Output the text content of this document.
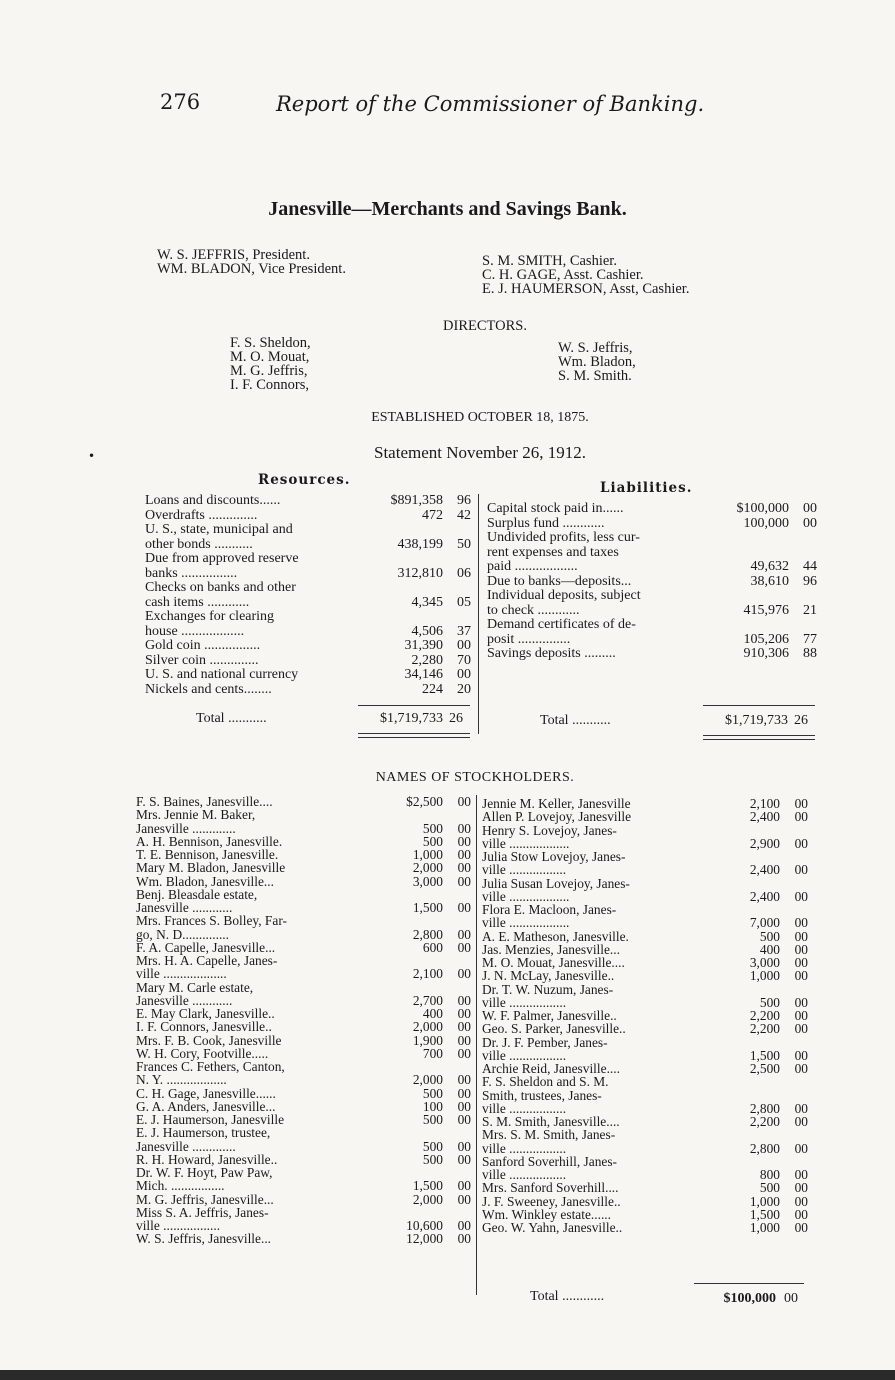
276	Report of the Commissioner of Banking.
Janesville—Merchants and Savings Bank.
W. S. JEFFRIS, President.
WM. BLADON, Vice President.	S. M. SMITH, Cashier.
C. H. GAGE, Asst. Cashier.
E. J. HAUMERSON, Asst, Cashier.
DIRECTORS.
F. S. Sheldon,
M. O. Mouat,
M. G. Jeffris,
I. F. Connors,
W. S. Jeffris,
Wm. Bladon,
S. M. Smith.
ESTABLISHED OCTOBER 18, 1875.
•	Statement November 26, 1912.
Resources.	Liabilities.
Loans and discounts......	$891,358	96
Overdrafts ..............	472	42
U. S., state, municipal and
other bonds ...........	438,199	50
Due from approved reserve
banks ................	312,810	06
Checks on banks and other
cash items ............	4,345	05
Exchanges for clearing
house ..................	4,506	37
Gold coin ................	31,390	00
Silver coin ..............	2,280	70
U. S. and national currency	34,146	00
Nickels and cents........	224	20
Capital stock paid in......	$100,000	00
Surplus fund ............	100,000	00
Undivided profits, less cur-
rent expenses and taxes
paid ..................	49,632	44
Due to banks—deposits...	38,610	96
Individual deposits, subject
to check ............	415,976	21
Demand certificates of de-
posit ...............	105,206	77
Savings deposits .........	910,306	88
Total ...........	$1,719,733 26	Total ...........	$1,719,733 26
NAMES OF STOCKHOLDERS.
F. S. Baines, Janesville....	$2,500	00
Mrs. Jennie M. Baker,
Janesville .............	500	00
A. H. Bennison, Janesville.	500	00
T. E. Bennison, Janesville.	1,000	00
Mary M. Bladon, Janesville	2,000	00
Wm. Bladon, Janesville...	3,000	00
Benj. Bleasdale estate,
Janesville ............	1,500	00
Mrs. Frances S. Bolley, Far-
go, N. D..............	2,800	00
F. A. Capelle, Janesville...	600	00
Mrs. H. A. Capelle, Janes-
ville ...................	2,100	00
Mary M. Carle estate,
Janesville ............	2,700	00
E. May Clark, Janesville..	400	00
I. F. Connors, Janesville..	2,000	00
Mrs. F. B. Cook, Janesville	1,900	00
W. H. Cory, Footville.....	700	00
Frances C. Fethers, Canton,
N. Y. ..................	2,000	00
C. H. Gage, Janesville......	500	00
G. A. Anders, Janesville...	100	00
E. J. Haumerson, Janesville	500	00
E. J. Haumerson, trustee,
Janesville .............	500	00
R. H. Howard, Janesville..	500	00
Dr. W. F. Hoyt, Paw Paw,
Mich. ................	1,500	00
M. G. Jeffris, Janesville...	2,000	00
Miss S. A. Jeffris, Janes-
ville .................	10,600	00
W. S. Jeffris, Janesville...	12,000	00
Jennie M. Keller, Janesville	2,100	00
Allen P. Lovejoy, Janesville	2,400	00
Henry S. Lovejoy, Janes-
ville ..................	2,900	00
Julia Stow Lovejoy, Janes-
ville .................	2,400	00
Julia Susan Lovejoy, Janes-
ville ..................	2,400	00
Flora E. Macloon, Janes-
ville ..................	7,000	00
A. E. Matheson, Janesville.	500	00
Jas. Menzies, Janesville...	400	00
M. O. Mouat, Janesville....	3,000	00
J. N. McLay, Janesville..	1,000	00
Dr. T. W. Nuzum, Janes-
ville .................	500	00
W. F. Palmer, Janesville..	2,200	00
Geo. S. Parker, Janesville..	2,200	00
Dr. J. F. Pember, Janes-
ville .................	1,500	00
Archie Reid, Janesville....	2,500	00
F. S. Sheldon and S. M.
Smith, trustees, Janes-
ville .................	2,800	00
S. M. Smith, Janesville....	2,200	00
Mrs. S. M. Smith, Janes-
ville .................	2,800	00
Sanford Soverhill, Janes-
ville .................	800	00
Mrs. Sanford Soverhill....	500	00
J. F. Sweeney, Janesville..	1,000	00
Wm. Winkley estate......	1,500	00
Geo. W. Yahn, Janesville..	1,000	00
Total ............	$100,000 00
